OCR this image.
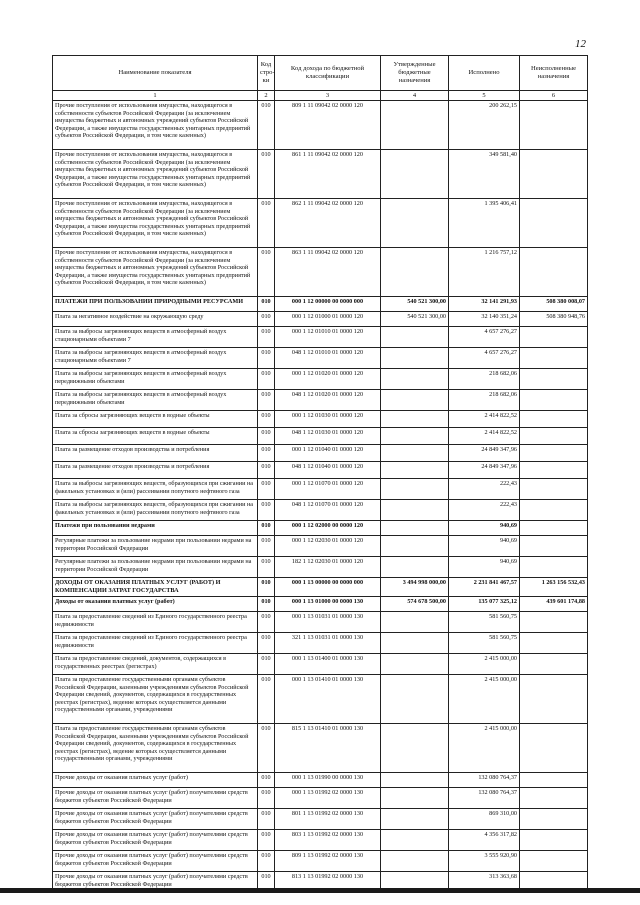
12
Наименование показателя	Код стро-ки	Код дохода по бюджетной классификации	Утвержденные бюджетные назначения	Исполнено	Неисполненные назначения
1	2	3	4	5	6
Прочие поступления от использования имущества, находящегося в собственности субъектов Российской Федерации (за исключением имущества бюджетных и автономных учреждений субъектов Российской Федерации, а также имущества государственных унитарных предприятий субъектов Российской Федерации, в том числе казенных)	010	809 1 11 09042 02 0000 120		200 262,15	
Прочие поступления от использования имущества, находящегося в собственности субъектов Российской Федерации (за исключением имущества бюджетных и автономных учреждений субъектов Российской Федерации, а также имущества государственных унитарных предприятий субъектов Российской Федерации, в том числе казенных)	010	861 1 11 09042 02 0000 120		349 581,40	
Прочие поступления от использования имущества, находящегося в собственности субъектов Российской Федерации (за исключением имущества бюджетных и автономных учреждений субъектов Российской Федерации, а также имущества государственных унитарных предприятий субъектов Российской Федерации, в том числе казенных)	010	862 1 11 09042 02 0000 120		1 395 406,41	
Прочие поступления от использования имущества, находящегося в собственности субъектов Российской Федерации (за исключением имущества бюджетных и автономных учреждений субъектов Российской Федерации, а также имущества государственных унитарных предприятий субъектов Российской Федерации, в том числе казенных)	010	863 1 11 09042 02 0000 120		1 216 757,12	
ПЛАТЕЖИ ПРИ ПОЛЬЗОВАНИИ ПРИРОДНЫМИ РЕСУРСАМИ	010	000 1 12 00000 00 0000 000	540 521 300,00	32 141 291,93	508 380 008,07
Плата за негативное воздействие на окружающую среду	010	000 1 12 01000 01 0000 120	540 521 300,00	32 140 351,24	508 380 948,76
Плата за выбросы загрязняющих веществ в атмосферный воздух стационарными объектами 7	010	000 1 12 01010 01 0000 120		4 657 276,27	
Плата за выбросы загрязняющих веществ в атмосферный воздух стационарными объектами 7	010	048 1 12 01010 01 0000 120		4 657 276,27	
Плата за выбросы загрязняющих веществ в атмосферный воздух передвижными объектами	010	000 1 12 01020 01 0000 120		218 682,06	
Плата за выбросы загрязняющих веществ в атмосферный воздух передвижными объектами	010	048 1 12 01020 01 0000 120		218 682,06	
Плата за сбросы загрязняющих веществ в водные объекты	010	000 1 12 01030 01 0000 120		2 414 822,52	
Плата за сбросы загрязняющих веществ в водные объекты	010	048 1 12 01030 01 0000 120		2 414 822,52	
Плата за размещение отходов производства и потребления	010	000 1 12 01040 01 0000 120		24 849 347,96	
Плата за размещение отходов производства и потребления	010	048 1 12 01040 01 0000 120		24 849 347,96	
Плата за выбросы загрязняющих веществ, образующихся при сжигании на факельных установках и (или) рассеивании попутного нефтяного газа	010	000 1 12 01070 01 0000 120		222,43	
Плата за выбросы загрязняющих веществ, образующихся при сжигании на факельных установках и (или) рассеивании попутного нефтяного газа	010	048 1 12 01070 01 0000 120		222,43	
Платежи при пользовании недрами	010	000 1 12 02000 00 0000 120		940,69	
Регулярные платежи за пользование недрами при пользовании недрами на территории Российской Федерации	010	000 1 12 02030 01 0000 120		940,69	
Регулярные платежи за пользование недрами при пользовании недрами на территории Российской Федерации	010	182 1 12 02030 01 0000 120		940,69	
ДОХОДЫ ОТ ОКАЗАНИЯ ПЛАТНЫХ УСЛУГ (РАБОТ) И КОМПЕНСАЦИИ ЗАТРАТ ГОСУДАРСТВА	010	000 1 13 00000 00 0000 000	3 494 998 000,00	2 231 841 467,57	1 263 156 532,43
Доходы от оказания платных услуг (работ)	010	000 1 13 01000 00 0000 130	574 678 500,00	135 077 325,12	439 601 174,88
Плата за предоставление сведений из Единого государственного реестра недвижимости	010	000 1 13 01031 01 0000 130		581 560,75	
Плата за предоставление сведений из Единого государственного реестра недвижимости	010	321 1 13 01031 01 0000 130		581 560,75	
Плата за предоставление сведений, документов, содержащихся в государственных реестрах (регистрах)	010	000 1 13 01400 01 0000 130		2 415 000,00	
Плата за предоставление государственными органами субъектов Российской Федерации, казенными учреждениями субъектов Российской Федерации сведений, документов, содержащихся в государственных реестрах (регистрах), ведение которых осуществляется данными государственными органами, учреждениями	010	000 1 13 01410 01 0000 130		2 415 000,00	
Плата за предоставление государственными органами субъектов Российской Федерации, казенными учреждениями субъектов Российской Федерации сведений, документов, содержащихся в государственных реестрах (регистрах), ведение которых осуществляется данными государственными органами, учреждениями	010	815 1 13 01410 01 0000 130		2 415 000,00	
Прочие доходы от оказания платных услуг (работ)	010	000 1 13 01990 00 0000 130		132 080 764,37	
Прочие доходы от оказания платных услуг (работ) получателями средств бюджетов субъектов Российской Федерации	010	000 1 13 01992 02 0000 130		132 080 764,37	
Прочие доходы от оказания платных услуг (работ) получателями средств бюджетов субъектов Российской Федерации	010	801 1 13 01992 02 0000 130		869 310,00	
Прочие доходы от оказания платных услуг (работ) получателями средств бюджетов субъектов Российской Федерации	010	803 1 13 01992 02 0000 130		4 356 317,82	
Прочие доходы от оказания платных услуг (работ) получателями средств бюджетов субъектов Российской Федерации	010	809 1 13 01992 02 0000 130		3 555 920,90	
Прочие доходы от оказания платных услуг (работ) получателями средств бюджетов субъектов Российской Федерации	010	813 1 13 01992 02 0000 130		313 363,68	
